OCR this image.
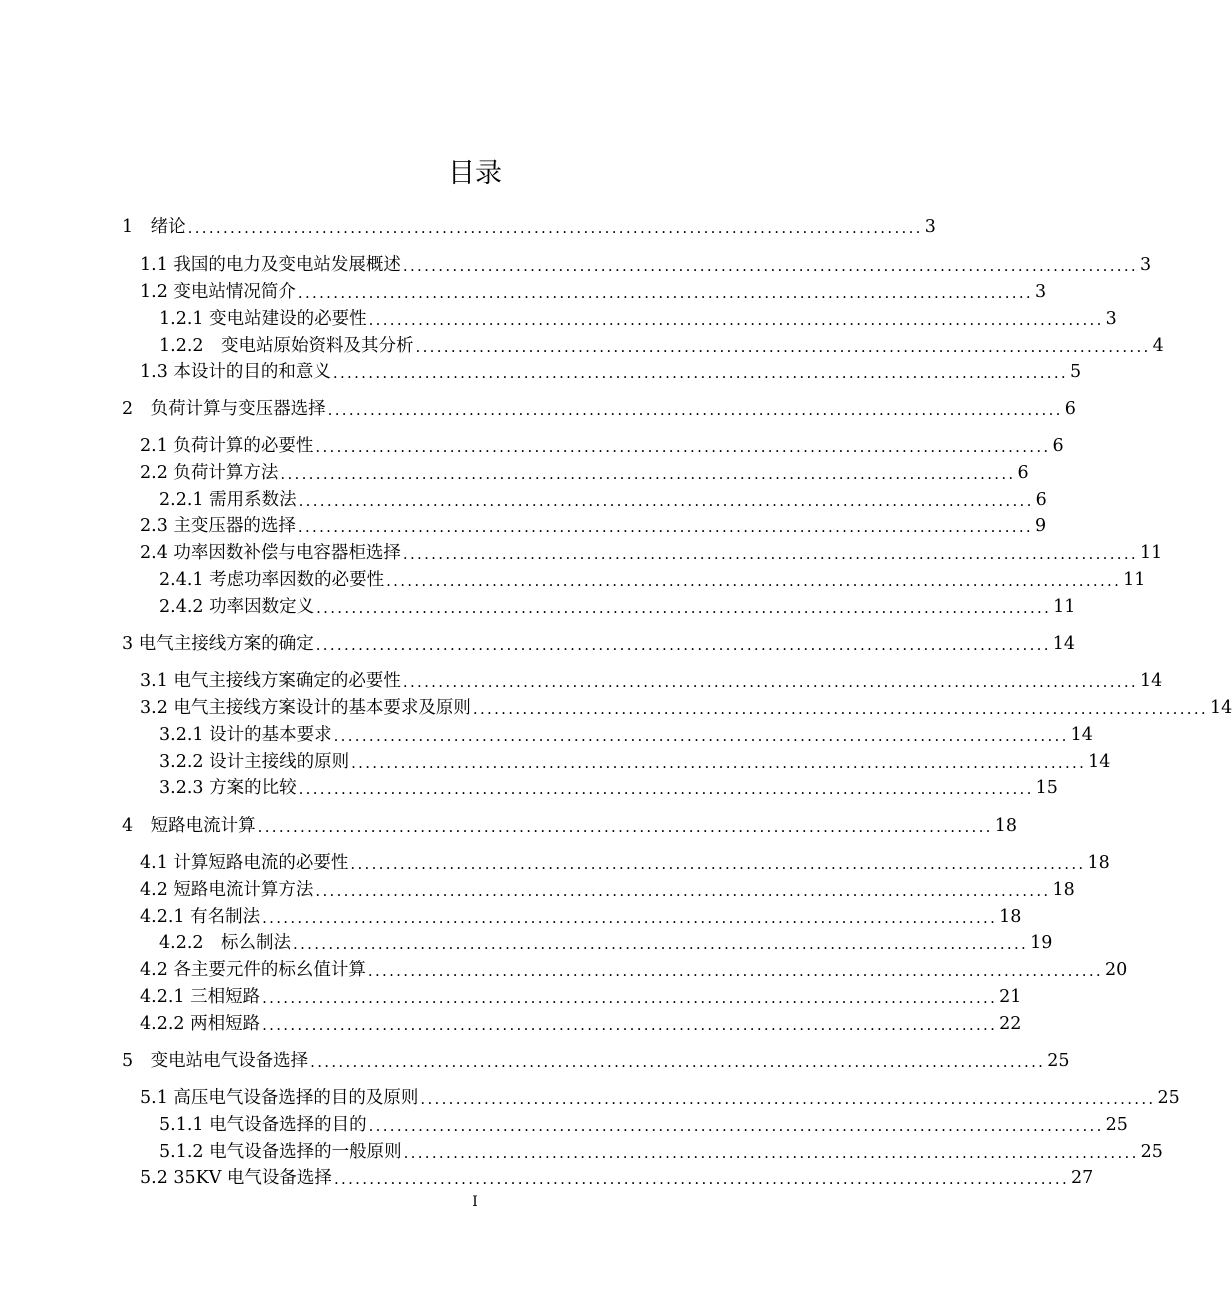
目录
1　绪论 ........................................................................................................ 3
1.1 我国的电力及变电站发展概述 ........................................................................................................ 3
1.2 变电站情况简介 ........................................................................................................ 3
1.2.1 变电站建设的必要性 ........................................................................................................ 3
1.2.2　变电站原始资料及其分析 ........................................................................................................ 4
1.3 本设计的目的和意义 ........................................................................................................ 5
2　负荷计算与变压器选择 ........................................................................................................ 6
2.1 负荷计算的必要性 ........................................................................................................ 6
2.2 负荷计算方法 ........................................................................................................ 6
2.2.1 需用系数法 ........................................................................................................ 6
2.3 主变压器的选择 ........................................................................................................ 9
2.4 功率因数补偿与电容器柜选择 ........................................................................................................ 11
2.4.1 考虑功率因数的必要性 ........................................................................................................ 11
2.4.2 功率因数定义 ........................................................................................................ 11
3 电气主接线方案的确定 ........................................................................................................ 14
3.1 电气主接线方案确定的必要性 ........................................................................................................ 14
3.2 电气主接线方案设计的基本要求及原则 ........................................................................................................ 14
3.2.1 设计的基本要求 ........................................................................................................ 14
3.2.2 设计主接线的原则 ........................................................................................................ 14
3.2.3 方案的比较 ........................................................................................................ 15
4　短路电流计算 ........................................................................................................ 18
4.1 计算短路电流的必要性 ........................................................................................................ 18
4.2 短路电流计算方法 ........................................................................................................ 18
4.2.1 有名制法 ........................................................................................................ 18
4.2.2　标么制法 ........................................................................................................ 19
4.2 各主要元件的标幺值计算 ........................................................................................................ 20
4.2.1 三相短路 ........................................................................................................ 21
4.2.2 两相短路 ........................................................................................................ 22
5　变电站电气设备选择 ........................................................................................................ 25
5.1 高压电气设备选择的目的及原则 ........................................................................................................ 25
5.1.1 电气设备选择的目的 ........................................................................................................ 25
5.1.2 电气设备选择的一般原则 ........................................................................................................ 25
5.2 35KV 电气设备选择 ........................................................................................................ 27
I
